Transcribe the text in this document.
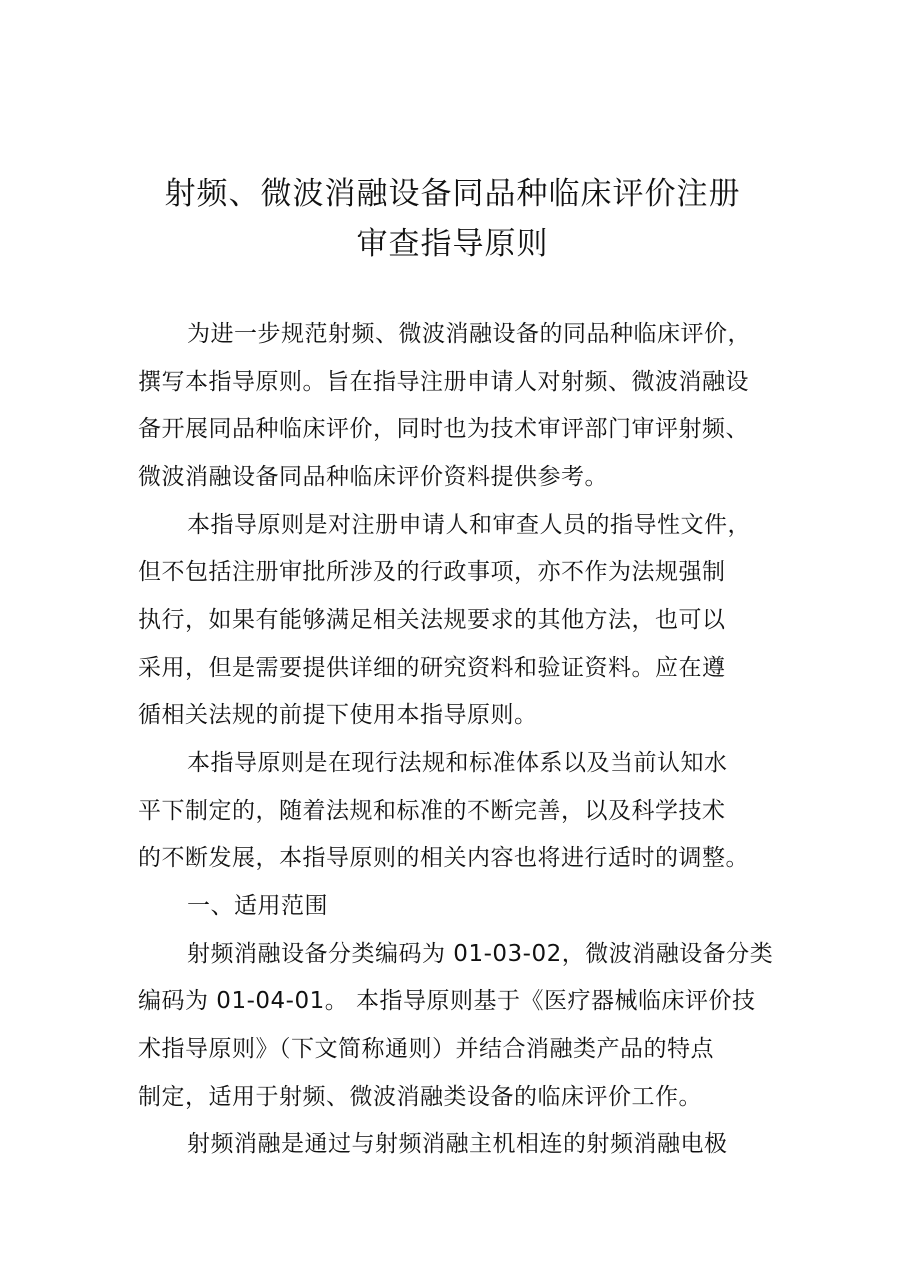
射频、微波消融设备同品种临床评价注册
审查指导原则
为进一步规范射频、微波消融设备的同品种临床评价，
撰写本指导原则。旨在指导注册申请人对射频、微波消融设
备开展同品种临床评价，同时也为技术审评部门审评射频、
微波消融设备同品种临床评价资料提供参考。
本指导原则是对注册申请人和审查人员的指导性文件，
但不包括注册审批所涉及的行政事项，亦不作为法规强制
执行，如果有能够满足相关法规要求的其他方法，也可以
采用，但是需要提供详细的研究资料和验证资料。应在遵
循相关法规的前提下使用本指导原则。
本指导原则是在现行法规和标准体系以及当前认知水
平下制定的，随着法规和标准的不断完善，以及科学技术
的不断发展，本指导原则的相关内容也将进行适时的调整。
一、适用范围
射频消融设备分类编码为 01-03-02，微波消融设备分类
编码为 01-04-01。 本指导原则基于《医疗器械临床评价技
术指导原则》（下文简称通则）并结合消融类产品的特点
制定，适用于射频、微波消融类设备的临床评价工作。
射频消融是通过与射频消融主机相连的射频消融电极
